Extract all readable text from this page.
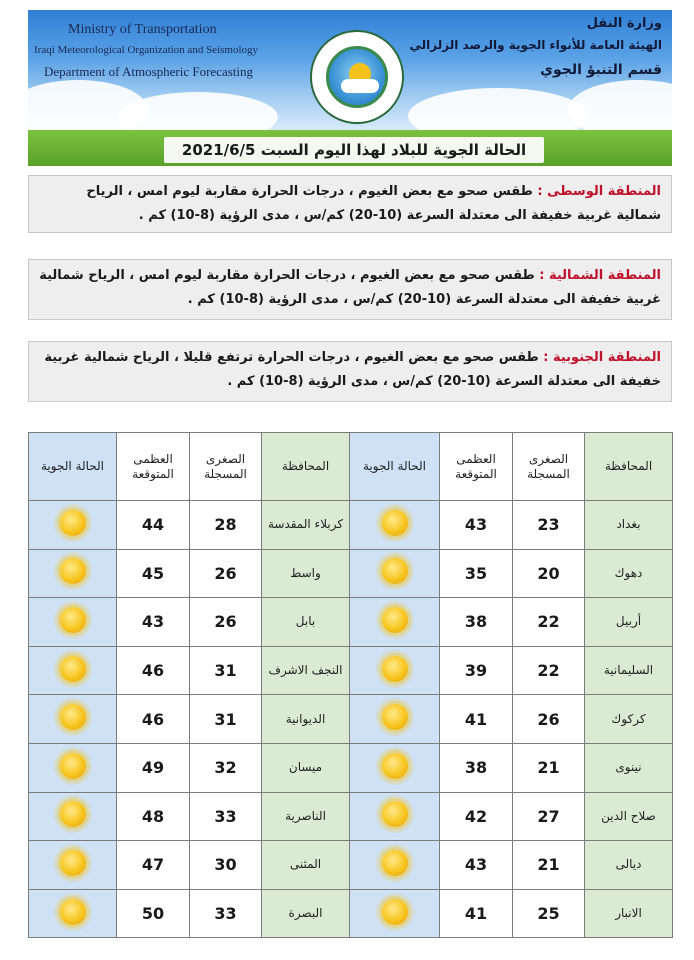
Ministry of Transportation
Iraqi Meteorological Organization and Seismology
Department of Atmospheric Forecasting
وزارة النقل
الهيئة العامة للأنواء الجوية والرصد الزلزالي
قسم التنبؤ الجوي
الحالة الجوية للبلاد لهذا اليوم السبت 2021/6/5
المنطقة الوسطى : طقس صحو مع بعض الغيوم ، درجات الحرارة مقاربة ليوم امس ، الرياح شمالية غربية خفيفة الى معتدلة السرعة (10-20) كم/س ، مدى الرؤية (8-10) كم .
المنطقة الشمالية : طقس صحو مع بعض الغيوم ، درجات الحرارة مقاربة ليوم امس ، الرياح شمالية غربية خفيفة الى معتدلة السرعة (10-20) كم/س ، مدى الرؤية (8-10) كم .
المنطقة الجنوبية : طقس صحو مع بعض الغيوم ، درجات الحرارة ترتفع قليلا ، الرياح شمالية غربية خفيفة الى معتدلة السرعة (10-20) كم/س ، مدى الرؤية (8-10) كم .
المحافظة	الصغرى المسجلة	العظمى المتوقعة	الحالة الجوية	المحافظة	الصغرى المسجلة	العظمى المتوقعة	الحالة الجوية
بغداد	23	43		كربلاء المقدسة	28	44	
دهوك	20	35		واسط	26	45	
أربيل	22	38		بابل	26	43	
السليمانية	22	39		النجف الاشرف	31	46	
كركوك	26	41		الديوانية	31	46	
نينوى	21	38		ميسان	32	49	
صلاح الدين	27	42		الناصرية	33	48	
ديالى	21	43		المثنى	30	47	
الانبار	25	41		البصرة	33	50	
